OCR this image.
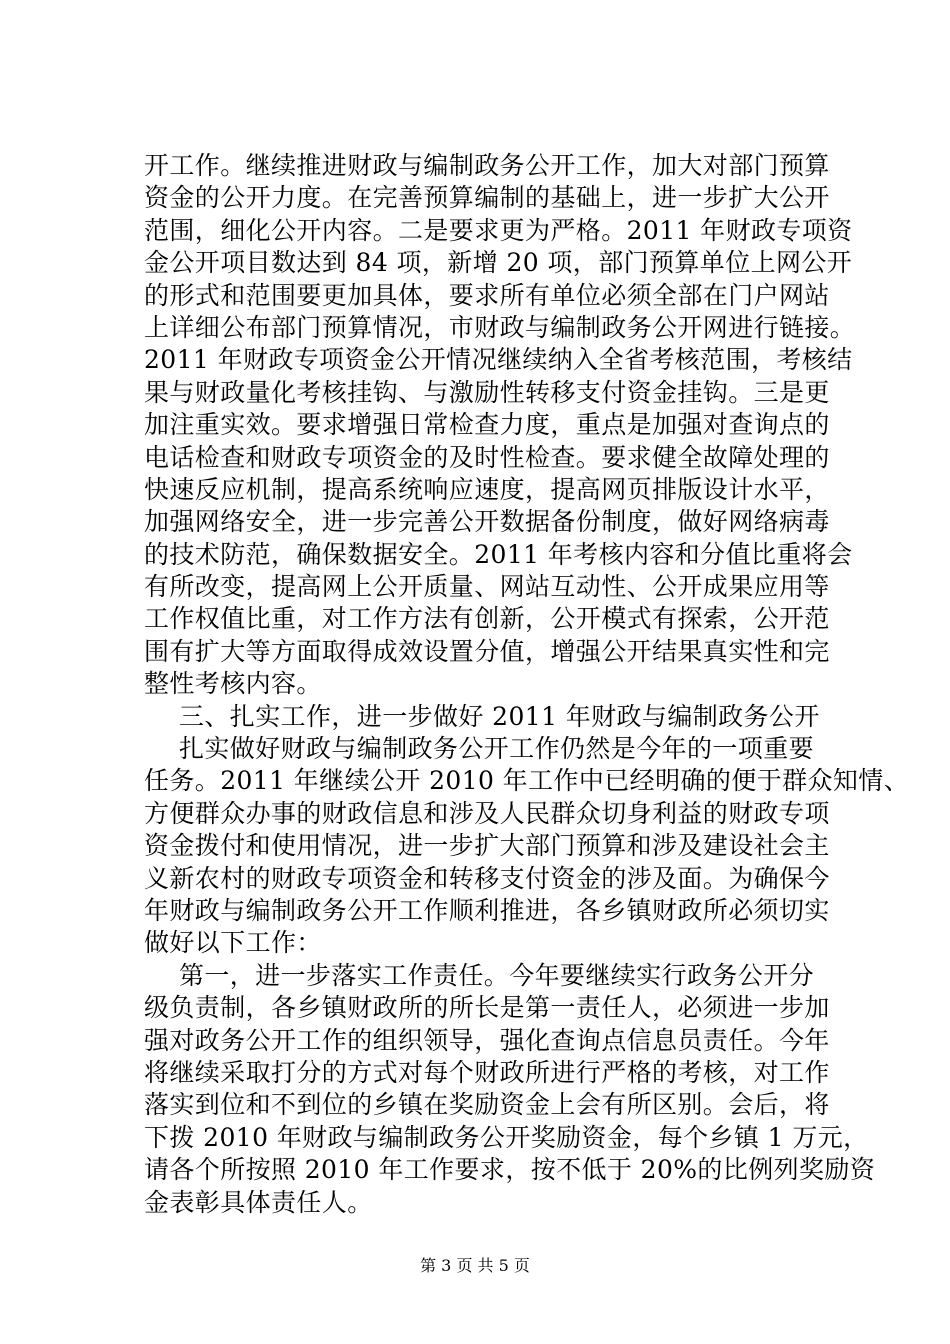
开工作。继续推进财政与编制政务公开工作，加大对部门预算
资金的公开力度。在完善预算编制的基础上，进一步扩大公开
范围，细化公开内容。二是要求更为严格。2011 年财政专项资
金公开项目数达到 84 项，新增 20 项，部门预算单位上网公开
的形式和范围要更加具体，要求所有单位必须全部在门户网站
上详细公布部门预算情况，市财政与编制政务公开网进行链接。
2011 年财政专项资金公开情况继续纳入全省考核范围，考核结
果与财政量化考核挂钩、与激励性转移支付资金挂钩。三是更
加注重实效。要求增强日常检查力度，重点是加强对查询点的
电话检查和财政专项资金的及时性检查。要求健全故障处理的
快速反应机制，提高系统响应速度，提高网页排版设计水平，
加强网络安全，进一步完善公开数据备份制度，做好网络病毒
的技术防范，确保数据安全。2011 年考核内容和分值比重将会
有所改变，提高网上公开质量、网站互动性、公开成果应用等
工作权值比重，对工作方法有创新，公开模式有探索，公开范
围有扩大等方面取得成效设置分值，增强公开结果真实性和完
整性考核内容。
三、扎实工作，进一步做好 2011 年财政与编制政务公开
扎实做好财政与编制政务公开工作仍然是今年的一项重要
任务。2011 年继续公开 2010 年工作中已经明确的便于群众知情、
方便群众办事的财政信息和涉及人民群众切身利益的财政专项
资金拨付和使用情况，进一步扩大部门预算和涉及建设社会主
义新农村的财政专项资金和转移支付资金的涉及面。为确保今
年财政与编制政务公开工作顺利推进，各乡镇财政所必须切实
做好以下工作：
第一，进一步落实工作责任。今年要继续实行政务公开分
级负责制，各乡镇财政所的所长是第一责任人，必须进一步加
强对政务公开工作的组织领导，强化查询点信息员责任。今年
将继续采取打分的方式对每个财政所进行严格的考核，对工作
落实到位和不到位的乡镇在奖励资金上会有所区别。会后，将
下拨 2010 年财政与编制政务公开奖励资金，每个乡镇 1 万元，
请各个所按照 2010 年工作要求，按不低于 20%的比例列奖励资
金表彰具体责任人。
第 3 页 共 5 页
